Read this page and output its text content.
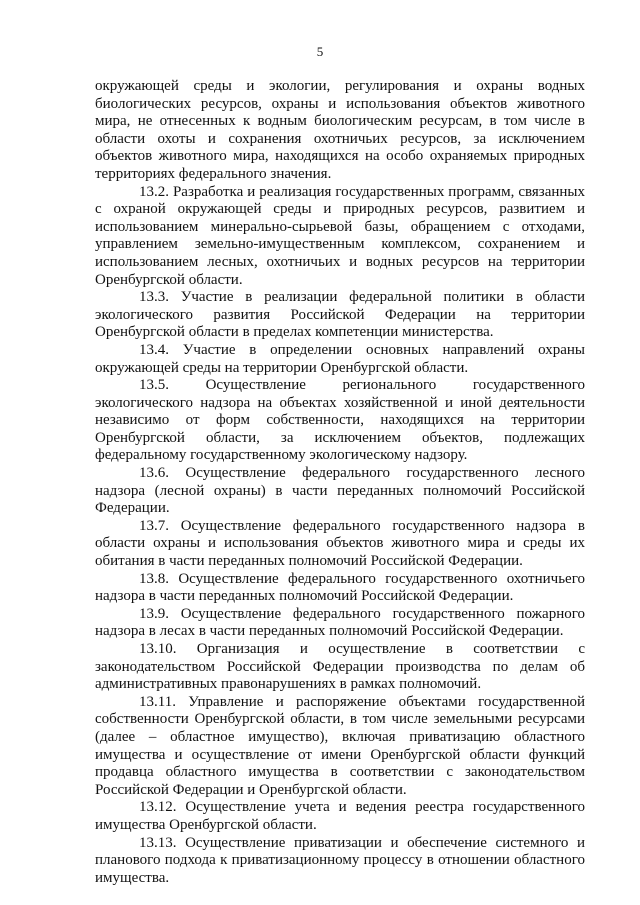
5

окружающей среды и экологии, регулирования и охраны водных биологических ресурсов, охраны и использования объектов животного мира, не отнесенных к водным биологическим ресурсам, в том числе в области охоты и сохранения охотничьих ресурсов, за исключением объектов животного мира, находящихся на особо охраняемых природных территориях федерального значения.

13.2. Разработка и реализация государственных программ, связанных с охраной окружающей среды и природных ресурсов, развитием и использованием минерально-сырьевой базы, обращением с отходами, управлением земельно-имущественным комплексом, сохранением и использованием лесных, охотничьих и водных ресурсов на территории Оренбургской области.

13.3. Участие в реализации федеральной политики в области экологического развития Российской Федерации на территории Оренбургской области в пределах компетенции министерства.

13.4. Участие в определении основных направлений охраны окружающей среды на территории Оренбургской области.

13.5. Осуществление регионального государственного экологического надзора на объектах хозяйственной и иной деятельности независимо от форм собственности, находящихся на территории Оренбургской области, за исключением объектов, подлежащих федеральному государственному экологическому надзору.

13.6. Осуществление федерального государственного лесного надзора (лесной охраны) в части переданных полномочий Российской Федерации.

13.7. Осуществление федерального государственного надзора в области охраны и использования объектов животного мира и среды их обитания в части переданных полномочий Российской Федерации.

13.8. Осуществление федерального государственного охотничьего надзора в части переданных полномочий Российской Федерации.

13.9. Осуществление федерального государственного пожарного надзора в лесах в части переданных полномочий Российской Федерации.

13.10. Организация и осуществление в соответствии с законодательством Российской Федерации производства по делам об административных правонарушениях в рамках полномочий.

13.11. Управление и распоряжение объектами государственной собственности Оренбургской области, в том числе земельными ресурсами (далее – областное имущество), включая приватизацию областного имущества и осуществление от имени Оренбургской области функций продавца областного имущества в соответствии с законодательством Российской Федерации и Оренбургской области.

13.12. Осуществление учета и ведения реестра государственного имущества Оренбургской области.

13.13. Осуществление приватизации и обеспечение системного и планового подхода к приватизационному процессу в отношении областного имущества.
